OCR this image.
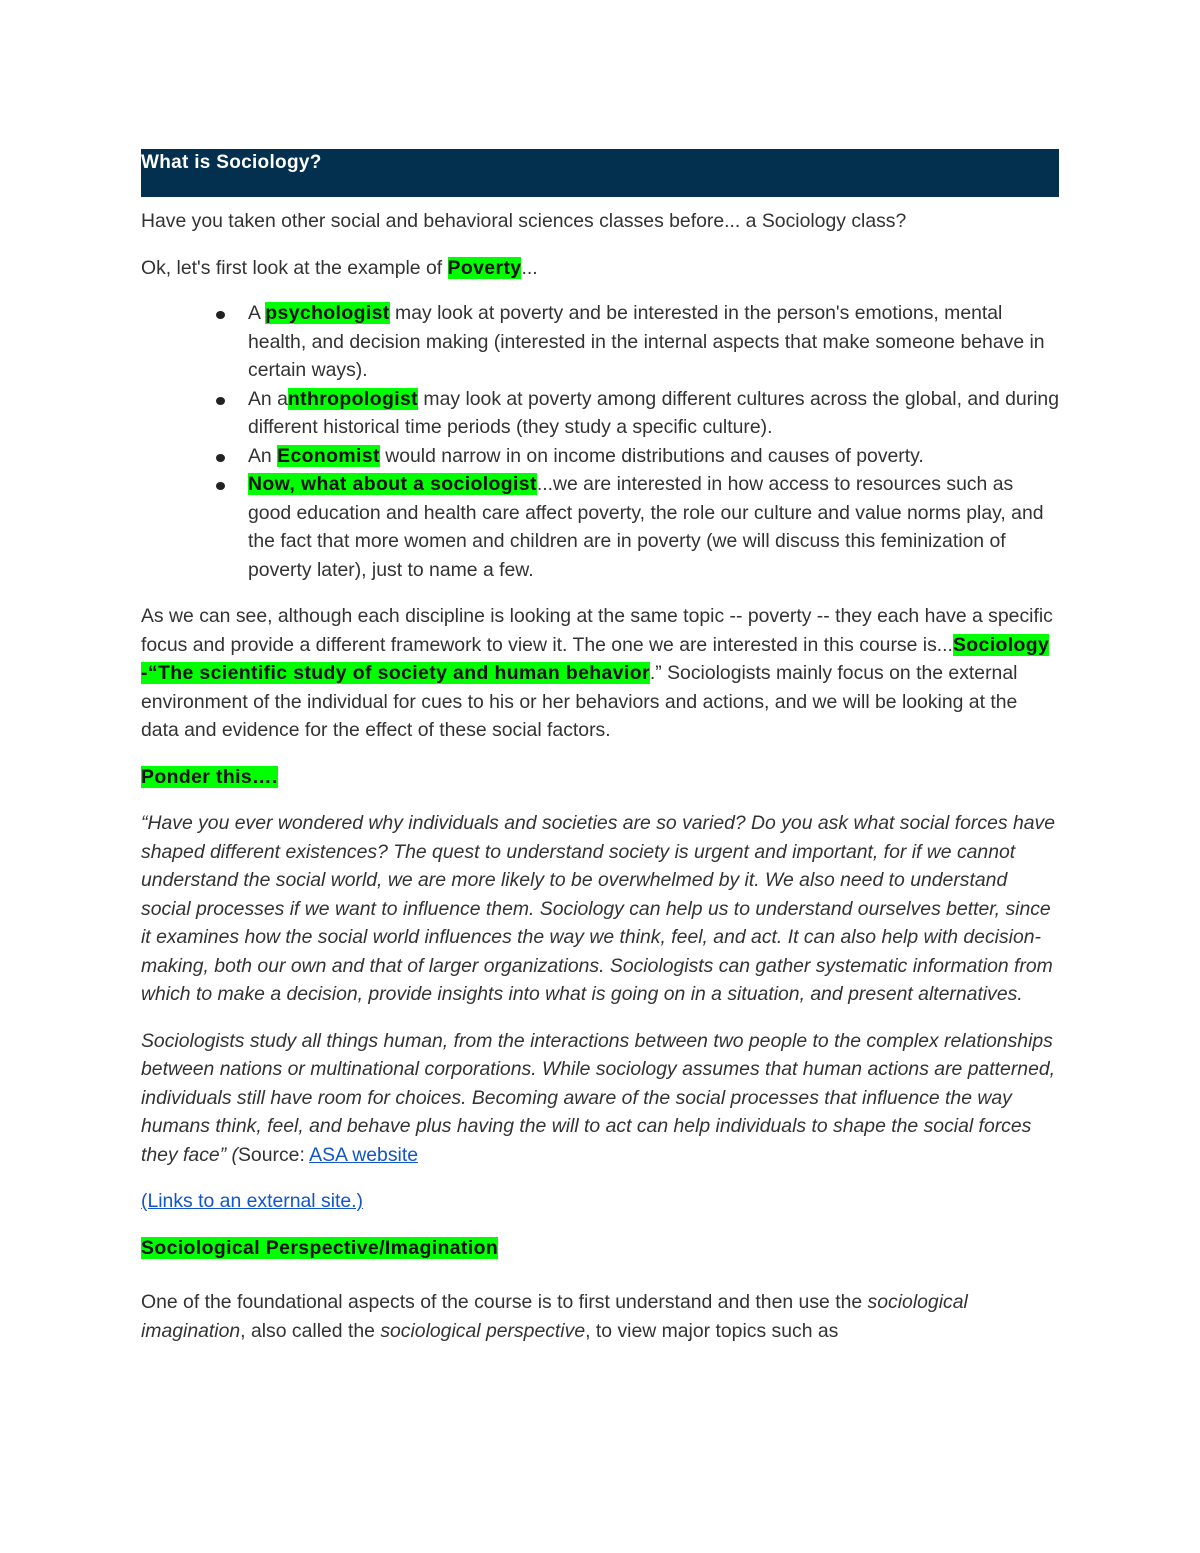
What is Sociology?

Have you taken other social and behavioral sciences classes before... a Sociology class?

Ok, let's first look at the example of Poverty...

A psychologist may look at poverty and be interested in the person's emotions, mental health, and decision making (interested in the internal aspects that make someone behave in certain ways).
An anthropologist may look at poverty among different cultures across the global, and during different historical time periods (they study a specific culture).
An Economist would narrow in on income distributions and causes of poverty.
Now, what about a sociologist...we are interested in how access to resources such as good education and health care affect poverty, the role our culture and value norms play, and the fact that more women and children are in poverty (we will discuss this feminization of poverty later), just to name a few.

As we can see, although each discipline is looking at the same topic -- poverty -- they each have a specific focus and provide a different framework to view it. The one we are interested in this course is...Sociology -“The scientific study of society and human behavior.” Sociologists mainly focus on the external environment of the individual for cues to his or her behaviors and actions, and we will be looking at the data and evidence for the effect of these social factors.

Ponder this….

“Have you ever wondered why individuals and societies are so varied? Do you ask what social forces have shaped different existences? The quest to understand society is urgent and important, for if we cannot understand the social world, we are more likely to be overwhelmed by it. We also need to understand social processes if we want to influence them. Sociology can help us to understand ourselves better, since it examines how the social world influences the way we think, feel, and act. It can also help with decision-making, both our own and that of larger organizations. Sociologists can gather systematic information from which to make a decision, provide insights into what is going on in a situation, and present alternatives.

Sociologists study all things human, from the interactions between two people to the complex relationships between nations or multinational corporations. While sociology assumes that human actions are patterned, individuals still have room for choices. Becoming aware of the social processes that influence the way humans think, feel, and behave plus having the will to act can help individuals to shape the social forces they face” (Source: ASA website

(Links to an external site.)

Sociological Perspective/Imagination

One of the foundational aspects of the course is to first understand and then use the sociological imagination, also called the sociological perspective, to view major topics such as
